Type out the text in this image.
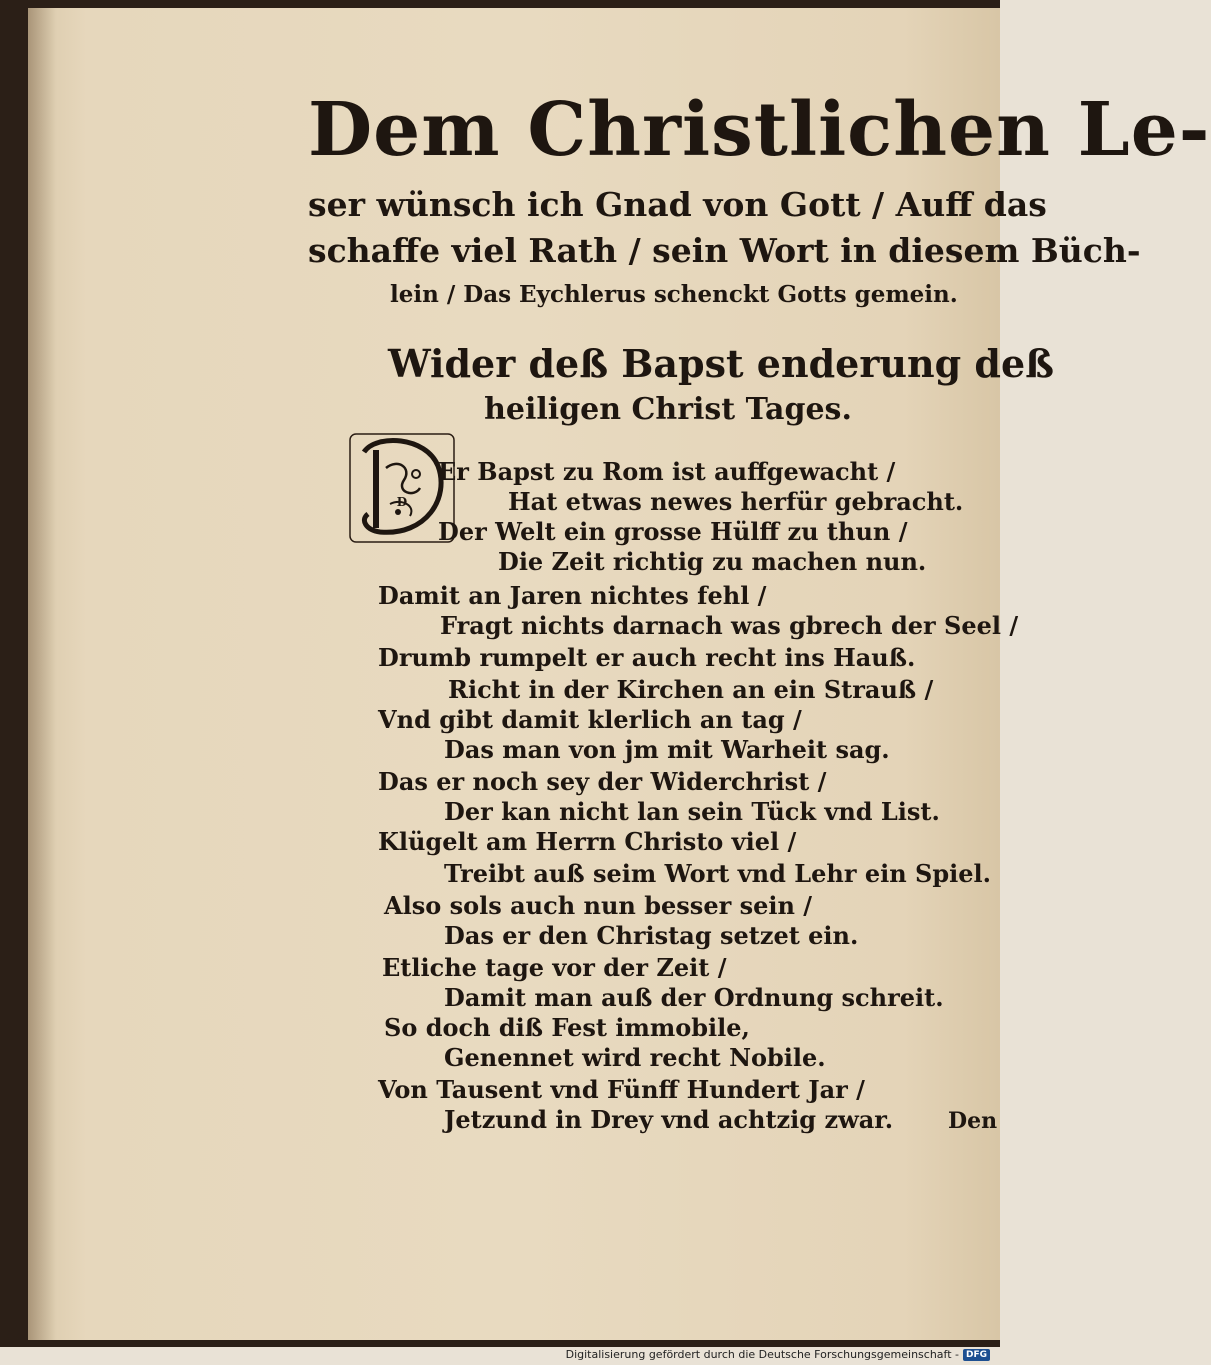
Dem Christlichen Le-
ser wünsch ich Gnad von Gott / Auff das
schaffe viel Rath / sein Wort in diesem Büch-
lein / Das Eychlerus schenckt Gotts gemein.
Wider deß Bapst enderung deß
heiligen Christ Tages.
D
Er Bapst zu Rom ist auffgewacht /
Hat etwas newes herfür gebracht.
Der Welt ein grosse Hülff zu thun /
Die Zeit richtig zu machen nun.
Damit an Jaren nichtes fehl /
Fragt nichts darnach was gbrech der Seel /
Drumb rumpelt er auch recht ins Hauß.
Richt in der Kirchen an ein Strauß /
Vnd gibt damit klerlich an tag /
Das man von jm mit Warheit sag.
Das er noch sey der Widerchrist /
Der kan nicht lan sein Tück vnd List.
Klügelt am Herrn Christo viel /
Treibt auß seim Wort vnd Lehr ein Spiel.
Also sols auch nun besser sein /
Das er den Christag setzet ein.
Etliche tage vor der Zeit /
Damit man auß der Ordnung schreit.
So doch diß Fest immobile,
Genennet wird recht Nobile.
Von Tausent vnd Fünff Hundert Jar /
Jetzund in Drey vnd achtzig zwar. Den
Digitalisierung gefördert durch die Deutsche Forschungsgemeinschaft - DFG
